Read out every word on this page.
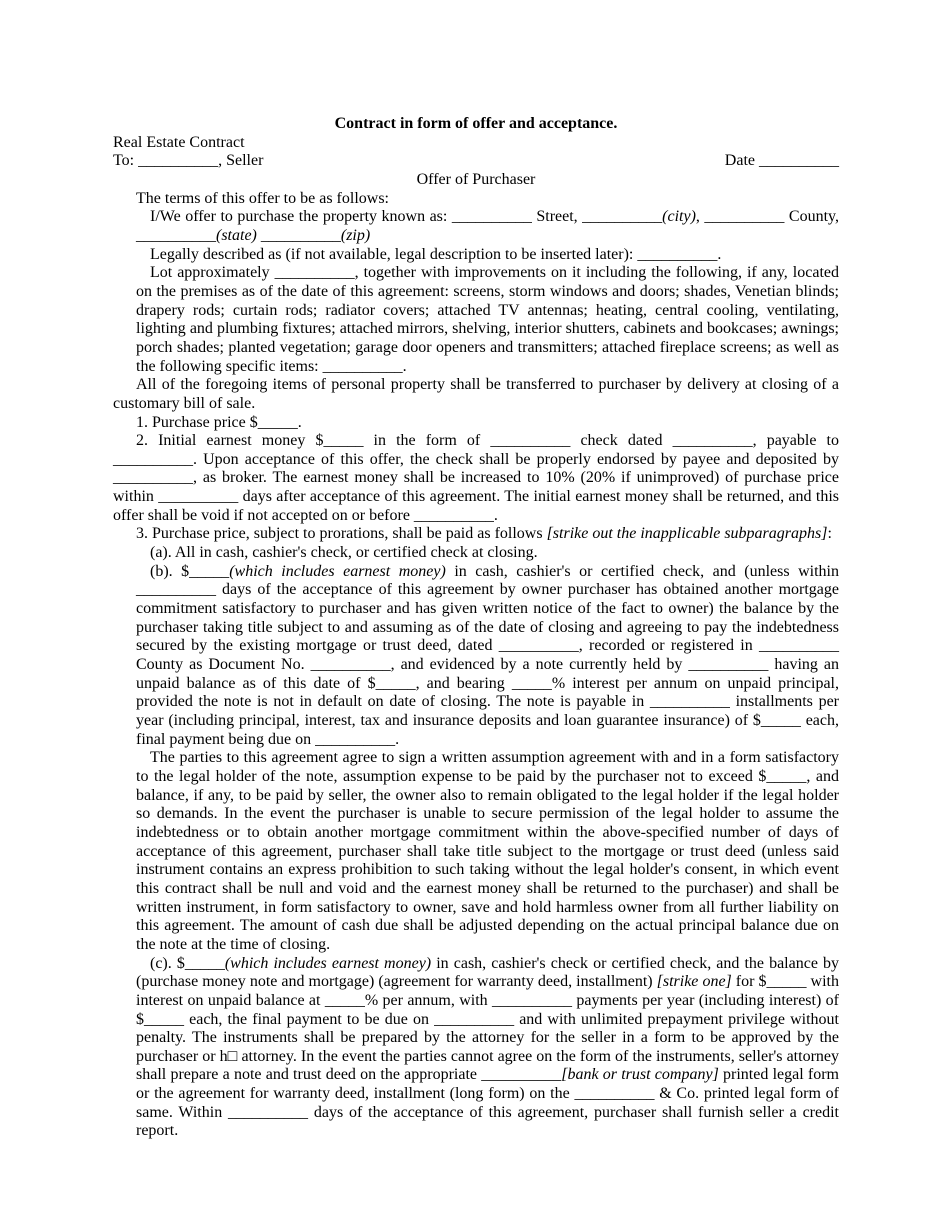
Contract in form of offer and acceptance.
Real Estate Contract
To: __________, Seller	Date __________
Offer of Purchaser

The terms of this offer to be as follows:

I/We offer to purchase the property known as: __________ Street, __________(city), __________ County, __________(state) __________(zip)

Legally described as (if not available, legal description to be inserted later): __________.

Lot approximately __________, together with improvements on it including the following, if any, located on the premises as of the date of this agreement: screens, storm windows and doors; shades, Venetian blinds; drapery rods; curtain rods; radiator covers; attached TV antennas; heating, central cooling, ventilating, lighting and plumbing fixtures; attached mirrors, shelving, interior shutters, cabinets and bookcases; awnings; porch shades; planted vegetation; garage door openers and transmitters; attached fireplace screens; as well as the following specific items: __________.

All of the foregoing items of personal property shall be transferred to purchaser by delivery at closing of a customary bill of sale.

1. Purchase price $_____.

2. Initial earnest money $_____ in the form of __________ check dated __________, payable to __________. Upon acceptance of this offer, the check shall be properly endorsed by payee and deposited by __________, as broker. The earnest money shall be increased to 10% (20% if unimproved) of purchase price within __________ days after acceptance of this agreement. The initial earnest money shall be returned, and this offer shall be void if not accepted on or before __________.

3. Purchase price, subject to prorations, shall be paid as follows [strike out the inapplicable subparagraphs]:

(a). All in cash, cashier's check, or certified check at closing.

(b). $_____(which includes earnest money) in cash, cashier's or certified check, and (unless within __________ days of the acceptance of this agreement by owner purchaser has obtained another mortgage commitment satisfactory to purchaser and has given written notice of the fact to owner) the balance by the purchaser taking title subject to and assuming as of the date of closing and agreeing to pay the indebtedness secured by the existing mortgage or trust deed, dated __________, recorded or registered in __________ County as Document No. __________, and evidenced by a note currently held by __________ having an unpaid balance as of this date of $_____, and bearing _____% interest per annum on unpaid principal, provided the note is not in default on date of closing. The note is payable in __________ installments per year (including principal, interest, tax and insurance deposits and loan guarantee insurance) of $_____ each, final payment being due on __________.

The parties to this agreement agree to sign a written assumption agreement with and in a form satisfactory to the legal holder of the note, assumption expense to be paid by the purchaser not to exceed $_____, and balance, if any, to be paid by seller, the owner also to remain obligated to the legal holder if the legal holder so demands. In the event the purchaser is unable to secure permission of the legal holder to assume the indebtedness or to obtain another mortgage commitment within the above-specified number of days of acceptance of this agreement, purchaser shall take title subject to the mortgage or trust deed (unless said instrument contains an express prohibition to such taking without the legal holder's consent, in which event this contract shall be null and void and the earnest money shall be returned to the purchaser) and shall be written instrument, in form satisfactory to owner, save and hold harmless owner from all further liability on this agreement. The amount of cash due shall be adjusted depending on the actual principal balance due on the note at the time of closing.

(c). $_____(which includes earnest money) in cash, cashier's check or certified check, and the balance by (purchase money note and mortgage) (agreement for warranty deed, installment) [strike one] for $_____ with interest on unpaid balance at _____% per annum, with __________ payments per year (including interest) of $_____ each, the final payment to be due on __________ and with unlimited prepayment privilege without penalty. The instruments shall be prepared by the attorney for the seller in a form to be approved by the purchaser or h□ attorney. In the event the parties cannot agree on the form of the instruments, seller's attorney shall prepare a note and trust deed on the appropriate __________[bank or trust company] printed legal form or the agreement for warranty deed, installment (long form) on the __________ & Co. printed legal form of same. Within __________ days of the acceptance of this agreement, purchaser shall furnish seller a credit report.
